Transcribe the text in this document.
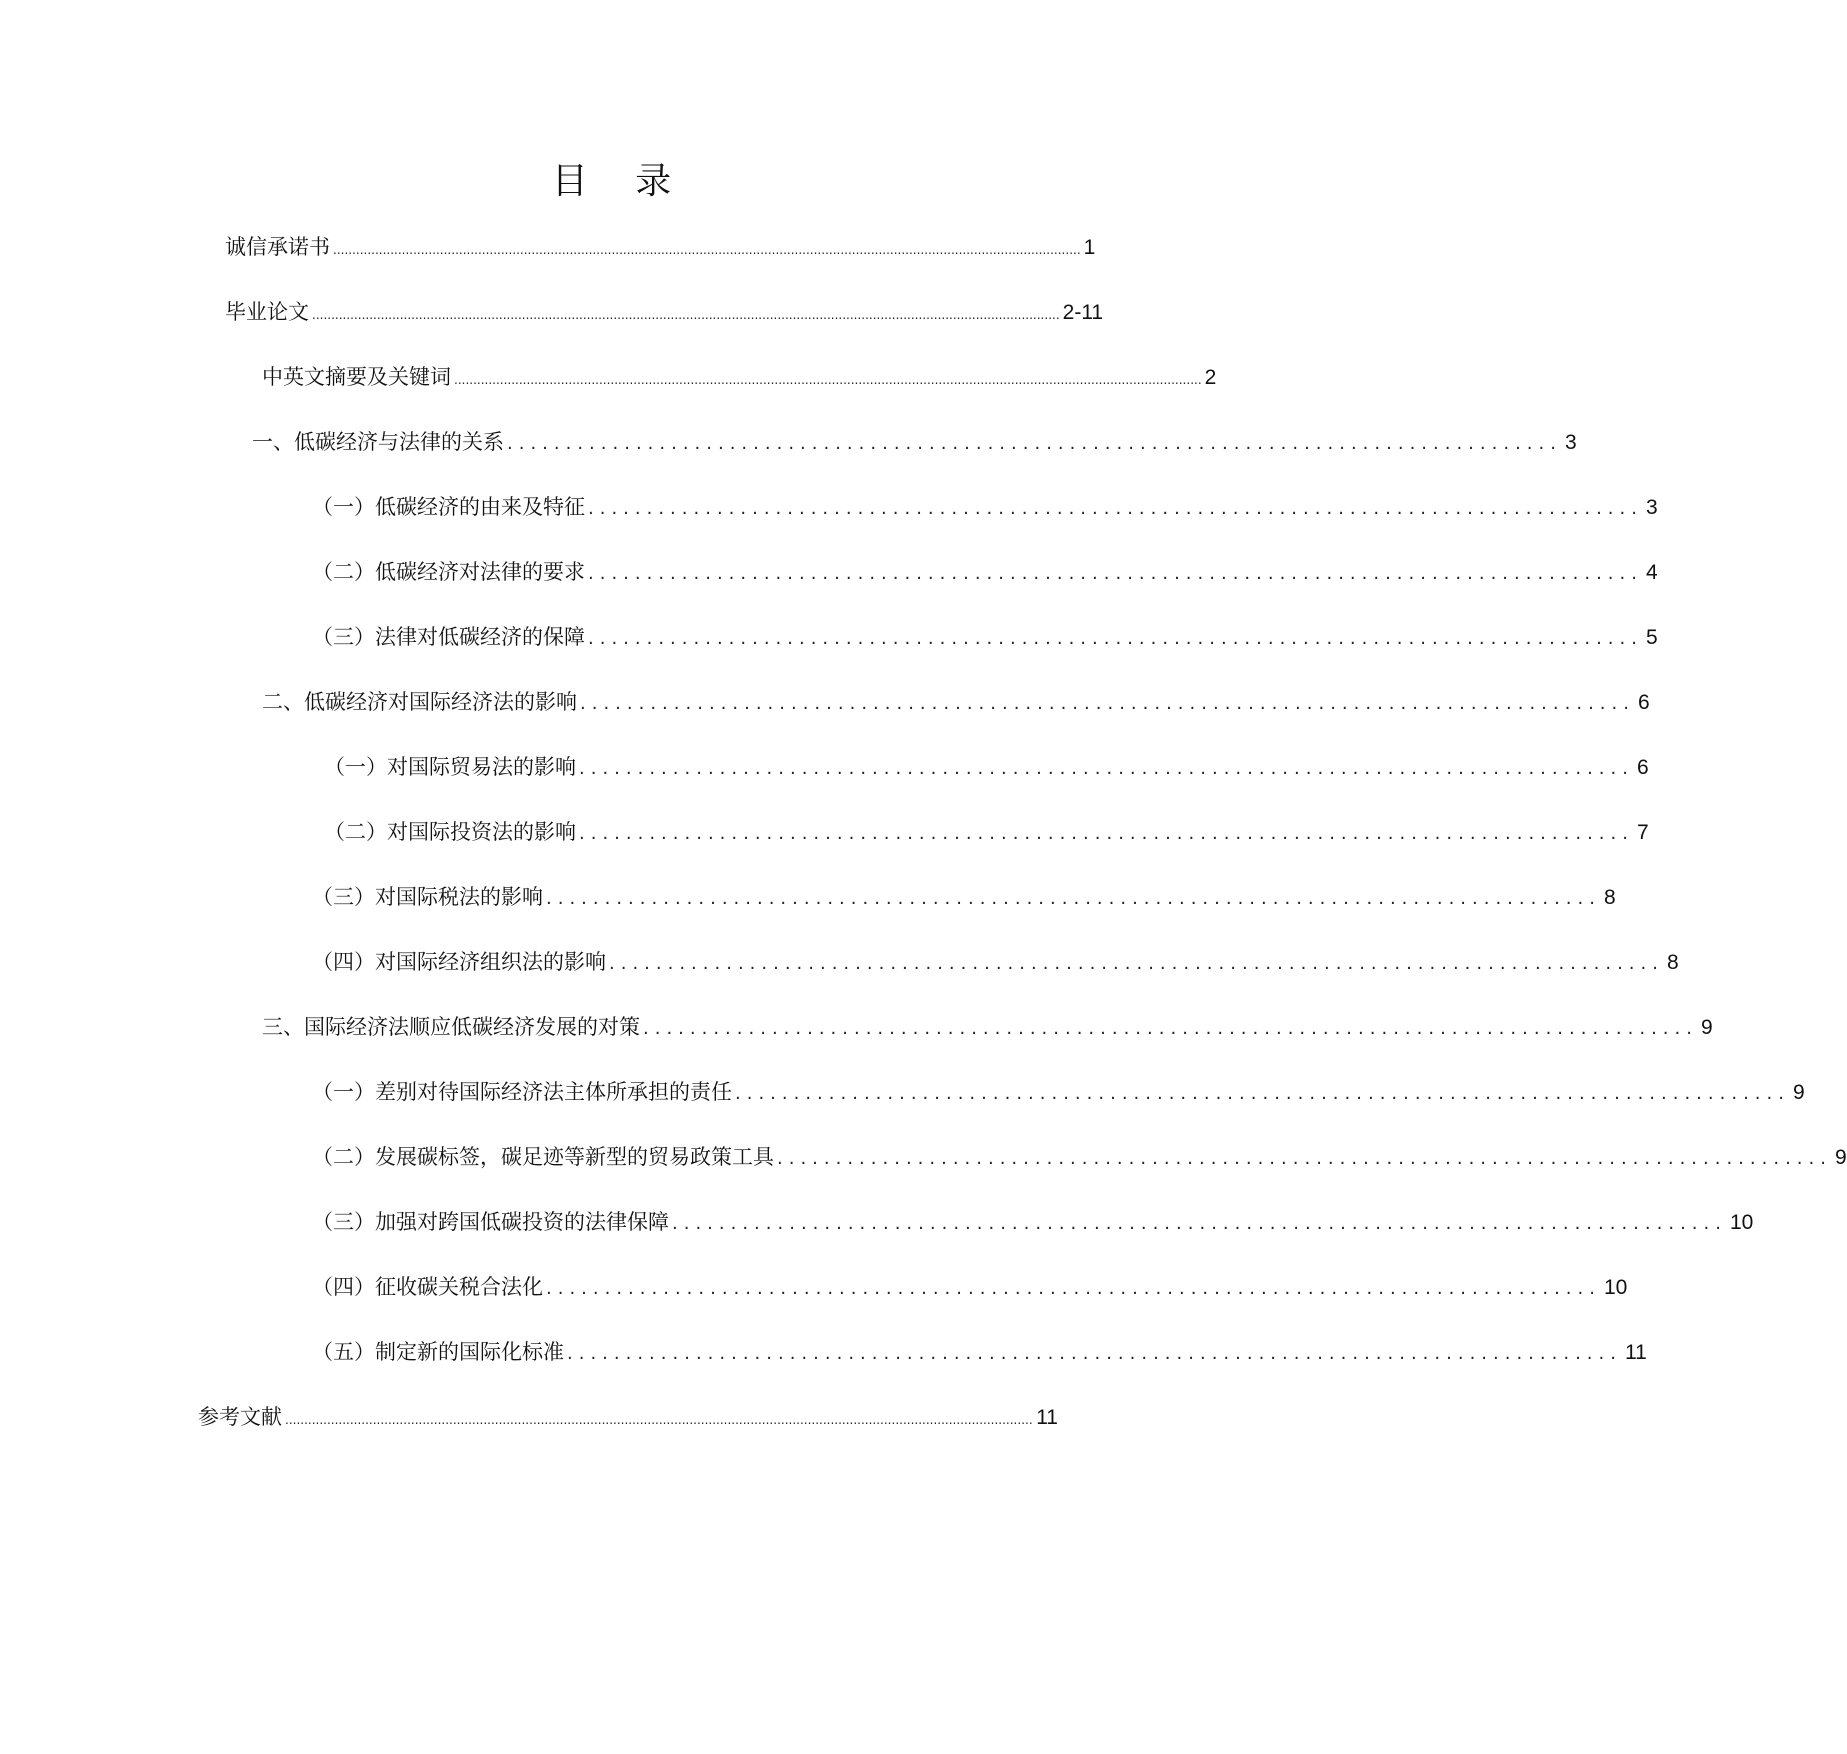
目 录
诚信承诺书 .................................................................................................................................................................................................... 1
毕业论文 .................................................................................................................................................................................................... 2-11
中英文摘要及关键词 .................................................................................................................................................................................................... 2
一、低碳经济与法律的关系 .......................................................................................... 3
（一）低碳经济的由来及特征 .......................................................................................... 3
（二）低碳经济对法律的要求 .......................................................................................... 4
（三）法律对低碳经济的保障 .......................................................................................... 5
二、低碳经济对国际经济法的影响 .......................................................................................... 6
（一）对国际贸易法的影响 .......................................................................................... 6
（二）对国际投资法的影响 .......................................................................................... 7
（三）对国际税法的影响 .......................................................................................... 8
（四）对国际经济组织法的影响 .......................................................................................... 8
三、国际经济法顺应低碳经济发展的对策 .......................................................................................... 9
（一）差别对待国际经济法主体所承担的责任 .......................................................................................... 9
（二）发展碳标签，碳足迹等新型的贸易政策工具 .......................................................................................... 9
（三）加强对跨国低碳投资的法律保障 .......................................................................................... 10
（四）征收碳关税合法化 .......................................................................................... 10
（五）制定新的国际化标准 .......................................................................................... 11
参考文献 .................................................................................................................................................................................................... 11
